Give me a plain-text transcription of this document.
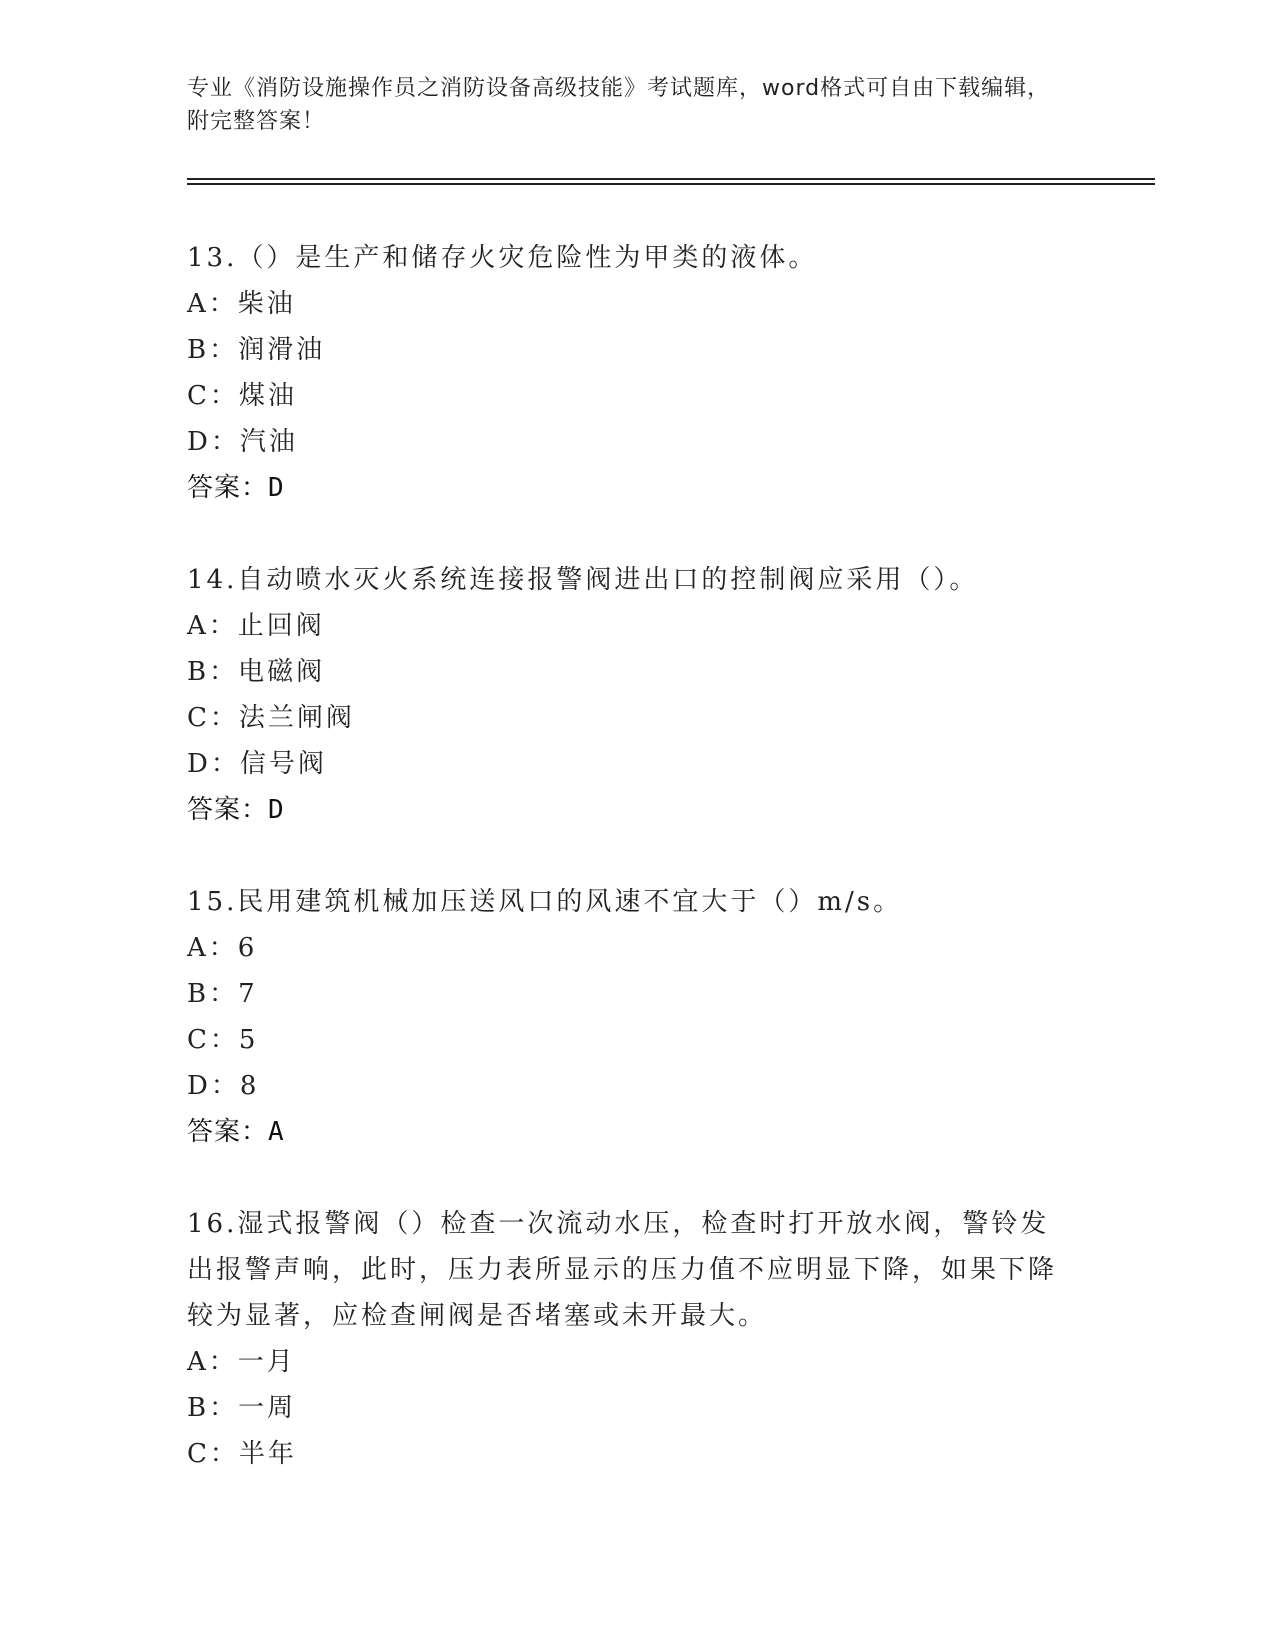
专业《消防设施操作员之消防设备高级技能》考试题库，word格式可自由下载编辑，附完整答案！
13.（）是生产和储存火灾危险性为甲类的液体。
A：柴油
B：润滑油
C：煤油
D：汽油
答案：D
14.自动喷水灭火系统连接报警阀进出口的控制阀应采用（）。
A：止回阀
B：电磁阀
C：法兰闸阀
D：信号阀
答案：D
15.民用建筑机械加压送风口的风速不宜大于（）m/s。
A：6
B：7
C：5
D：8
答案：A
16.湿式报警阀（）检查一次流动水压，检查时打开放水阀，警铃发出报警声响，此时，压力表所显示的压力值不应明显下降，如果下降较为显著，应检查闸阀是否堵塞或未开最大。
A：一月
B：一周
C：半年
